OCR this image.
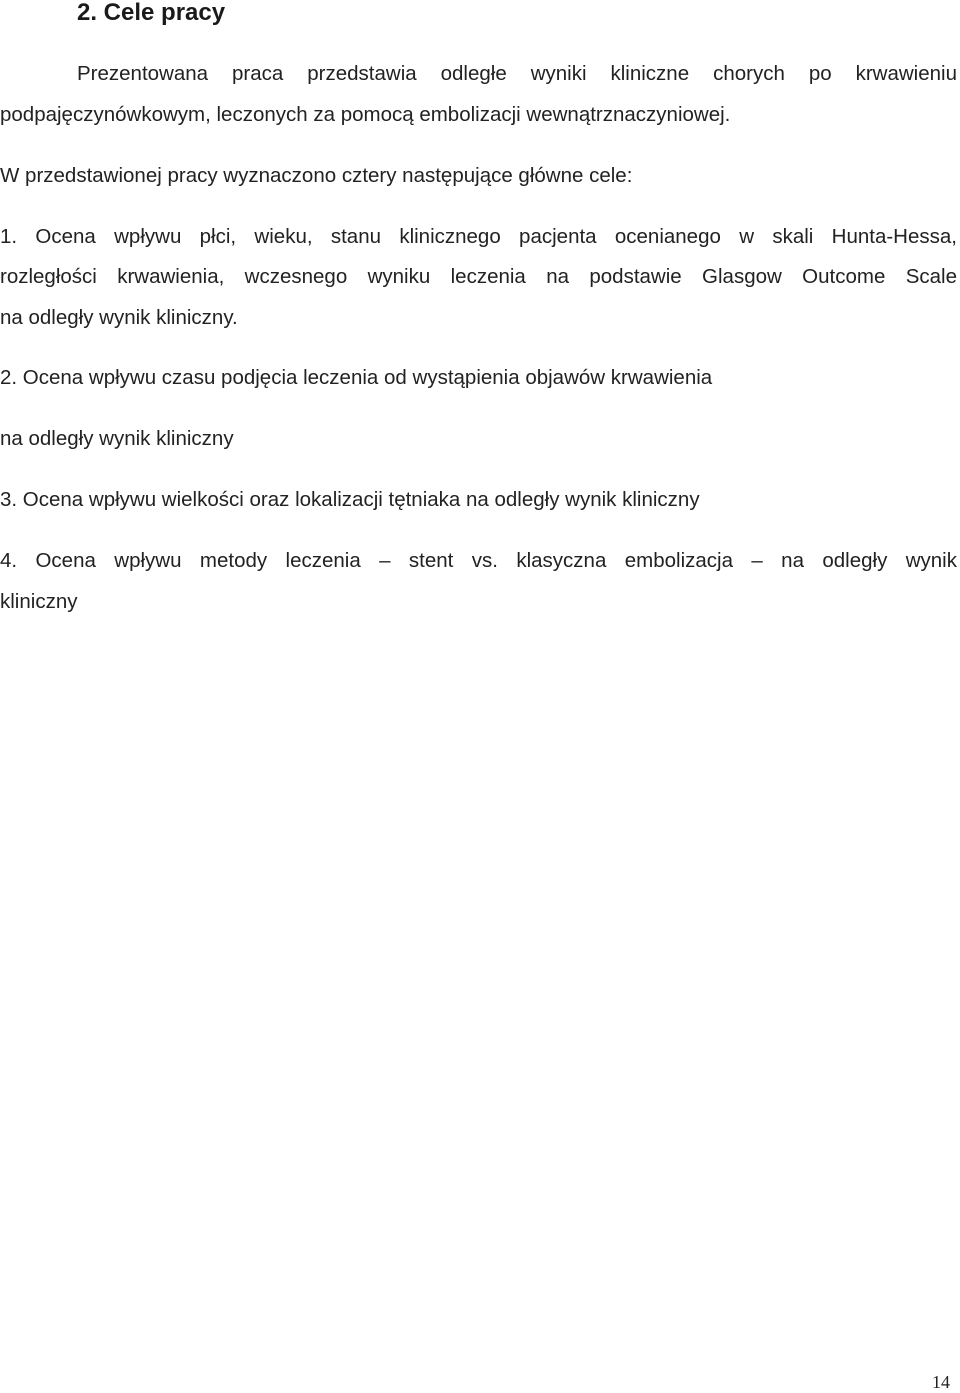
2. Cele pracy
Prezentowana praca przedstawia odległe wyniki kliniczne chorych po krwawieniu
podpajęczynówkowym, leczonych za pomocą embolizacji wewnątrznaczyniowej.
W przedstawionej pracy wyznaczono cztery następujące główne cele:
1. Ocena wpływu płci, wieku, stanu klinicznego pacjenta ocenianego w skali Hunta-Hessa,
rozległości krwawienia, wczesnego wyniku leczenia na podstawie Glasgow Outcome Scale
na odległy wynik kliniczny.
2. Ocena wpływu czasu podjęcia leczenia od wystąpienia objawów krwawienia
na odległy wynik kliniczny
3. Ocena wpływu wielkości oraz lokalizacji tętniaka na odległy wynik kliniczny
4. Ocena wpływu metody leczenia – stent vs. klasyczna embolizacja – na odległy wynik
kliniczny
14
